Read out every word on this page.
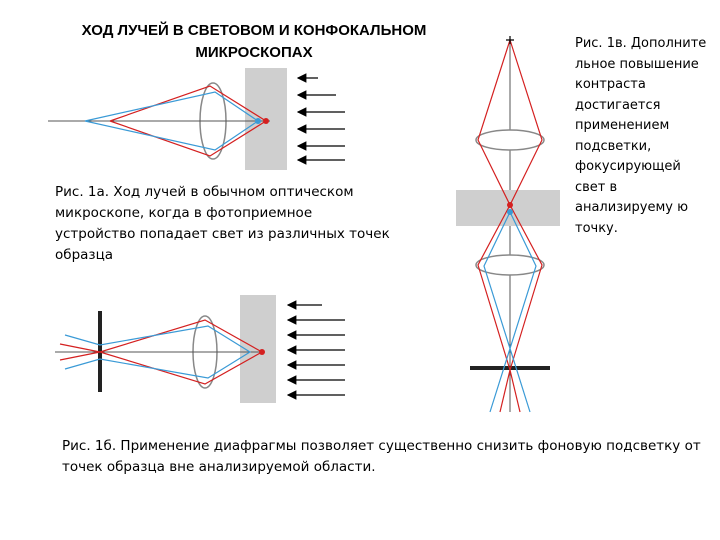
ХОД ЛУЧЕЙ В СВЕТОВОМ И КОНФОКАЛЬНОМ
МИКРОСКОПАХ
Рис. 1а. Ход лучей в обычном оптическом микроскопе, когда в фотоприемное устройство попадает свет из различных точек образца
Рис. 1в. Дополните льное повышение контраста достигается применением подсветки, фокусирующей свет в анализируему ю точку.
Рис. 1б. Применение диафрагмы позволяет существенно снизить фоновую подсветку от точек образца вне анализируемой области.
